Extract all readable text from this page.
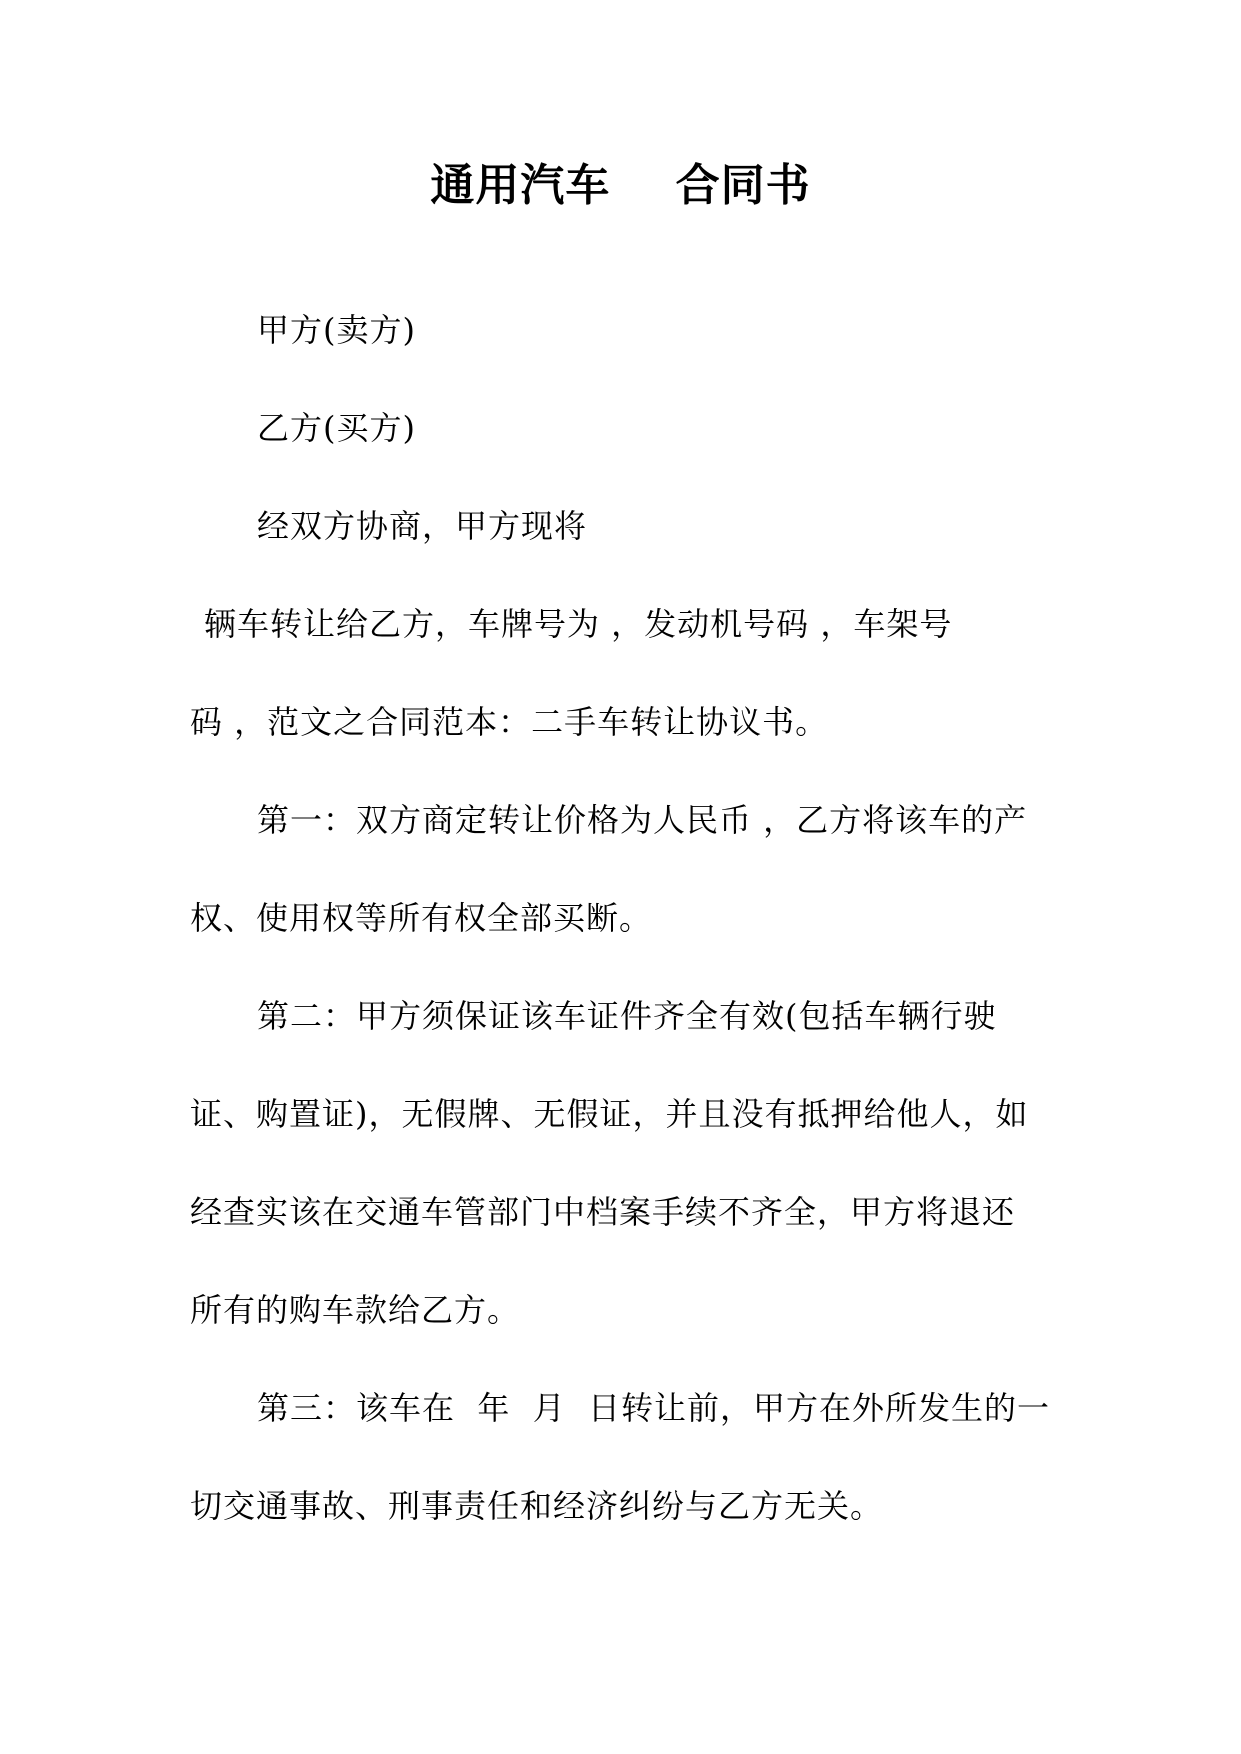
通用汽车    合同书
甲方(卖方)
乙方(买方)
经双方协商，甲方现将
辆车转让给乙方，车牌号为 ，发动机号码 ，车架号
码 ，范文之合同范本：二手车转让协议书。
第一：双方商定转让价格为人民币 ，乙方将该车的产
权、使用权等所有权全部买断。
第二：甲方须保证该车证件齐全有效(包括车辆行驶
证、购置证)，无假牌、无假证，并且没有抵押给他人，如
经查实该在交通车管部门中档案手续不齐全，甲方将退还
所有的购车款给乙方。
第三：该车在  年  月  日转让前，甲方在外所发生的一
切交通事故、刑事责任和经济纠纷与乙方无关。
